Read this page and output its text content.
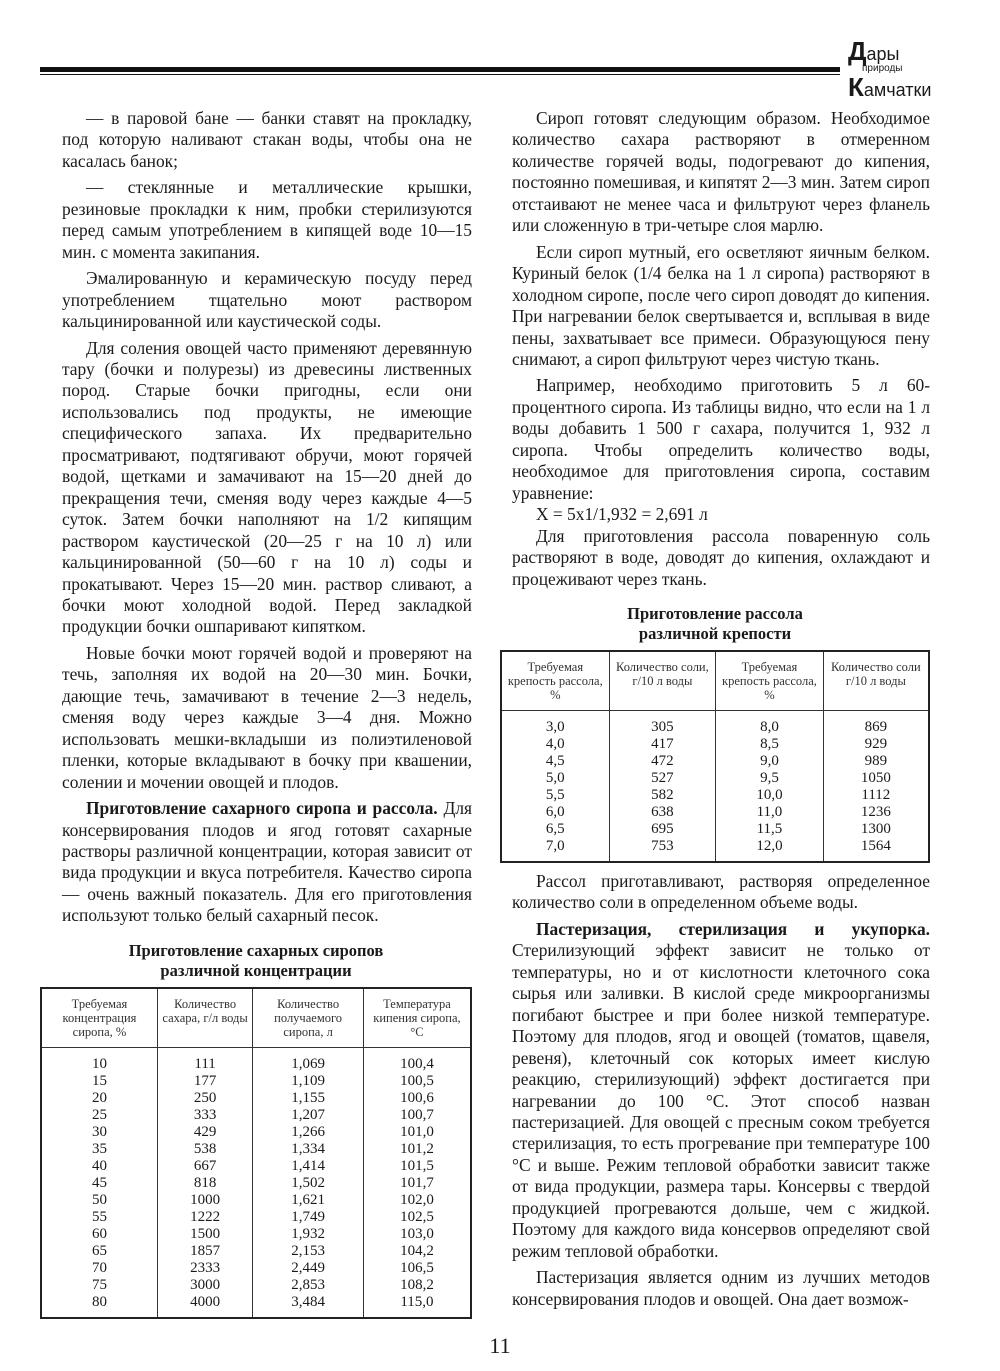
Дары
природы
Камчатки

— в паровой бане — банки ставят на прокладку, под которую наливают стакан воды, чтобы она не касалась банок;

— стеклянные и металлические крышки, резиновые прокладки к ним, пробки стерилизуются перед самым употреблением в кипящей воде 10—15 мин. с момента закипания.

Эмалированную и керамическую посуду перед употреблением тщательно моют раствором кальцинированной или каустической соды.

Для соления овощей часто применяют деревянную тару (бочки и полурезы) из древесины лиственных пород. Старые бочки пригодны, если они использовались под продукты, не имеющие специфического запаха. Их предварительно просматривают, подтягивают обручи, моют горячей водой, щетками и замачивают на 15—20 дней до прекращения течи, сменяя воду через каждые 4—5 суток. Затем бочки наполняют на 1/2 кипящим раствором каустической (20—25 г на 10 л) или кальцинированной (50—60 г на 10 л) соды и прокатывают. Через 15—20 мин. раствор сливают, а бочки моют холодной водой. Перед закладкой продукции бочки ошпаривают кипятком.

Новые бочки моют горячей водой и проверяют на течь, заполняя их водой на 20—30 мин. Бочки, дающие течь, замачивают в течение 2—3 недель, сменяя воду через каждые 3—4 дня. Можно использовать мешки-вкладыши из полиэтиленовой пленки, которые вкладывают в бочку при квашении, солении и мочении овощей и плодов.

Приготовление сахарного сиропа и рассола. Для консервирования плодов и ягод готовят сахарные растворы различной концентрации, которая зависит от вида продукции и вкуса потребителя. Качество сиропа — очень важный показатель. Для его приготовления используют только белый сахарный песок.

Приготовление сахарных сиропов
различной концентрации
Требуемая концентрация сиропа, %	Количество сахара, г/л воды	Количество получаемого сиропа, л	Температура кипения сиропа, °С
10	111	1,069	100,4
15	177	1,109	100,5
20	250	1,155	100,6
25	333	1,207	100,7
30	429	1,266	101,0
35	538	1,334	101,2
40	667	1,414	101,5
45	818	1,502	101,7
50	1000	1,621	102,0
55	1222	1,749	102,5
60	1500	1,932	103,0
65	1857	2,153	104,2
70	2333	2,449	106,5
75	3000	2,853	108,2
80	4000	3,484	115,0

Сироп готовят следующим образом. Необходимое количество сахара растворяют в отмеренном количестве горячей воды, подогревают до кипения, постоянно помешивая, и кипятят 2—3 мин. Затем сироп отстаивают не менее часа и фильтруют через фланель или сложенную в три-четыре слоя марлю.

Если сироп мутный, его осветляют яичным белком. Куриный белок (1/4 белка на 1 л сиропа) растворяют в холодном сиропе, после чего сироп доводят до кипения. При нагревании белок свертывается и, всплывая в виде пены, захватывает все примеси. Образующуюся пену снимают, а сироп фильтруют через чистую ткань.

Например, необходимо приготовить 5 л 60-процентного сиропа. Из таблицы видно, что если на 1 л воды добавить 1 500 г сахара, получится 1, 932 л сиропа. Чтобы определить количество воды, необходимое для приготовления сиропа, составим уравнение:

X = 5x1/1,932 = 2,691 л

Для приготовления рассола поваренную соль растворяют в воде, доводят до кипения, охлаждают и процеживают через ткань.

Приготовление рассола
различной крепости
Требуемая крепость рассола, %	Количество соли, г/10 л воды	Требуемая крепость рассола, %	Количество соли г/10 л воды
3,0	305	8,0	869
4,0	417	8,5	929
4,5	472	9,0	989
5,0	527	9,5	1050
5,5	582	10,0	1112
6,0	638	11,0	1236
6,5	695	11,5	1300
7,0	753	12,0	1564

Рассол приготавливают, растворяя определенное количество соли в определенном объеме воды.

Пастеризация, стерилизация и укупорка. Стерилизующий эффект зависит не только от температуры, но и от кислотности клеточного сока сырья или заливки. В кислой среде микроорганизмы погибают быстрее и при более низкой температуре. Поэтому для плодов, ягод и овощей (томатов, щавеля, ревеня), клеточный сок которых имеет кислую реакцию, стерилизующий) эффект достигается при нагревании до 100 °С. Этот способ назван пастеризацией. Для овощей с пресным соком требуется стерилизация, то есть прогревание при температуре 100 °С и выше. Режим тепловой обработки зависит также от вида продукции, размера тары. Консервы с твердой продукцией прогреваются дольше, чем с жидкой. Поэтому для каждого вида консервов определяют свой режим тепловой обработки.

Пастеризация является одним из лучших методов консервирования плодов и овощей. Она дает возмож-

11
